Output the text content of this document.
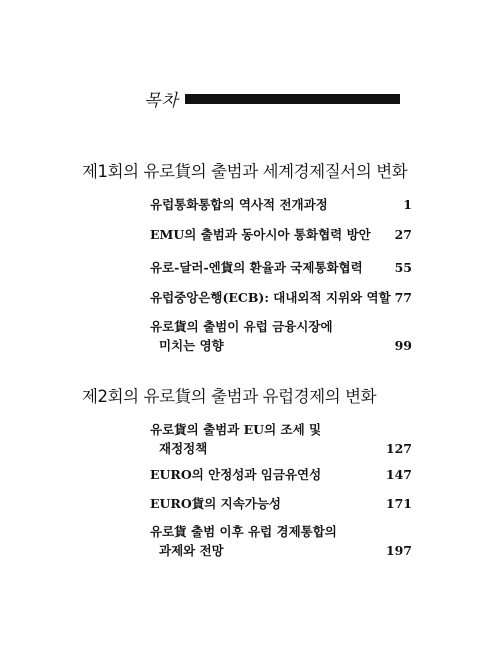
목차
제1회의 유로貨의 출범과 세계경제질서의 변화
유럽통화통합의 역사적 전개과정	1
EMU의 출범과 동아시아 통화협력 방안 27
유로-달러-엔貨의 환율과 국제통화협력	55
유럽중앙은행(ECB): 대내외적 지위와 역할 77
유로貨의 출범이 유럽 금융시장에
미치는 영향	99
제2회의 유로貨의 출범과 유럽경제의 변화
유로貨의 출범과 EU의 조세 및
재정정책	127
EURO의 안정성과 임금유연성	147
EURO貨의 지속가능성	171
유로貨 출범 이후 유럽 경제통합의
과제와 전망	197
